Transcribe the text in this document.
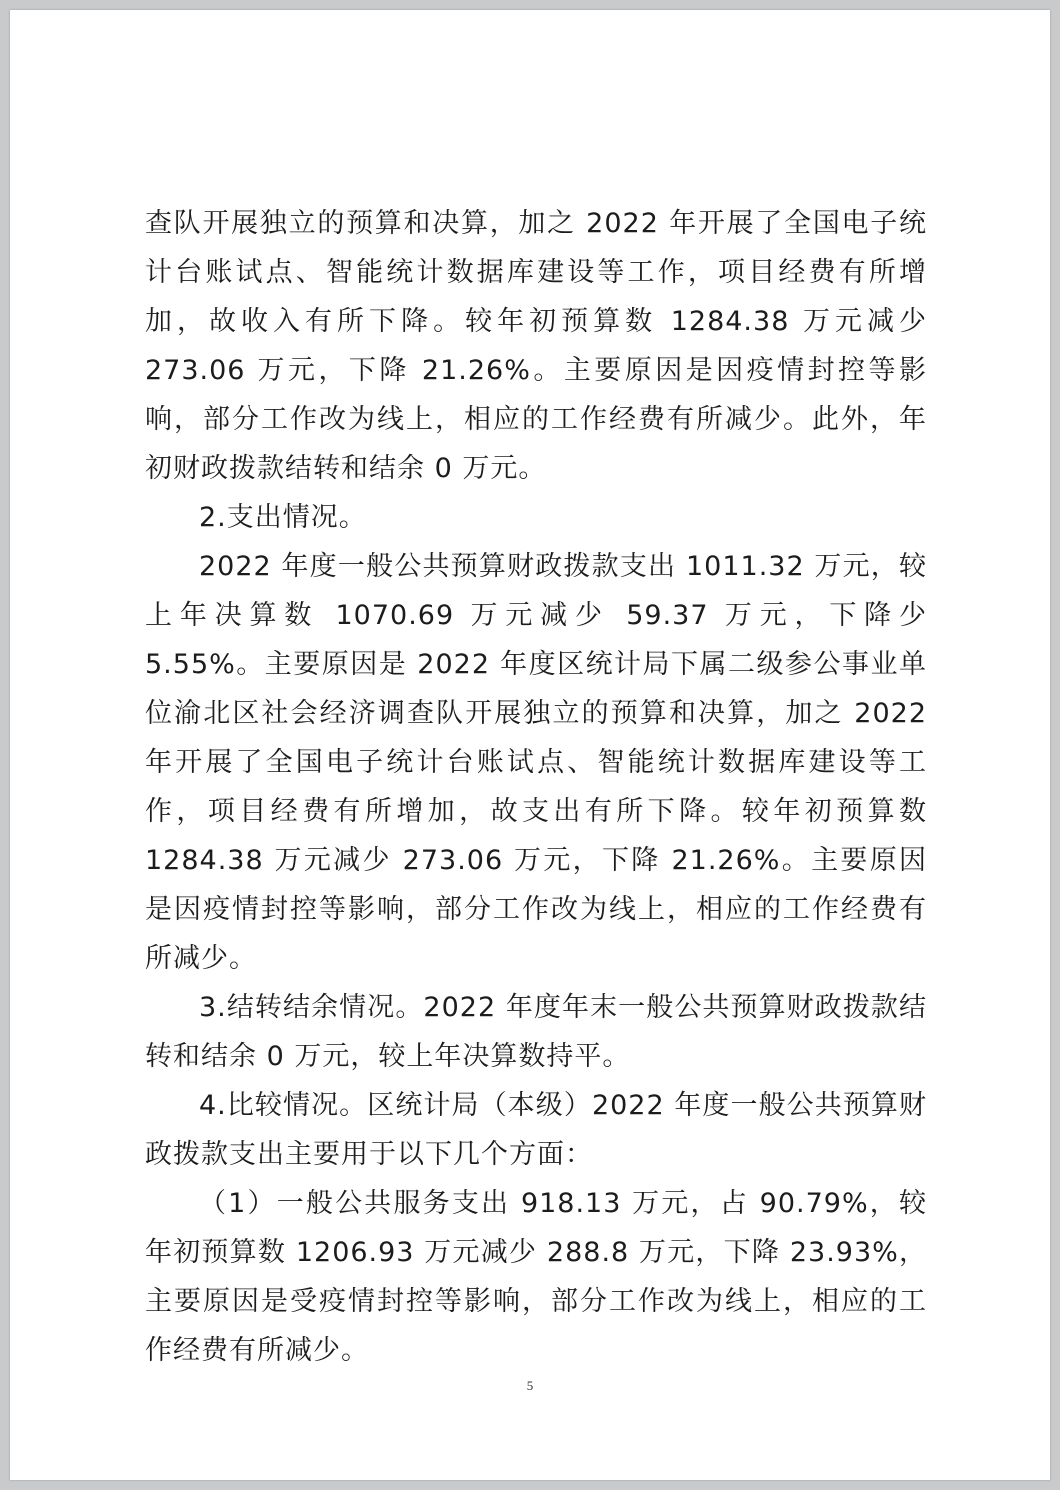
查队开展独立的预算和决算，加之 2022 年开展了全国电子统计台账试点、智能统计数据库建设等工作，项目经费有所增加，故收入有所下降。较年初预算数 1284.38 万元减少 273.06 万元，下降 21.26%。主要原因是因疫情封控等影响，部分工作改为线上，相应的工作经费有所减少。此外，年初财政拨款结转和结余 0 万元。

2.支出情况。

2022 年度一般公共预算财政拨款支出 1011.32 万元，较上年决算数 1070.69 万元减少 59.37 万元，下降少 5.55%。主要原因是 2022 年度区统计局下属二级参公事业单位渝北区社会经济调查队开展独立的预算和决算，加之 2022 年开展了全国电子统计台账试点、智能统计数据库建设等工作，项目经费有所增加，故支出有所下降。较年初预算数 1284.38 万元减少 273.06 万元，下降 21.26%。主要原因是因疫情封控等影响，部分工作改为线上，相应的工作经费有所减少。

3.结转结余情况。2022 年度年末一般公共预算财政拨款结转和结余 0 万元，较上年决算数持平。

4.比较情况。区统计局（本级）2022 年度一般公共预算财政拨款支出主要用于以下几个方面：

（1）一般公共服务支出 918.13 万元，占 90.79%，较年初预算数 1206.93 万元减少 288.8 万元，下降 23.93%，主要原因是受疫情封控等影响，部分工作改为线上，相应的工作经费有所减少。

5
